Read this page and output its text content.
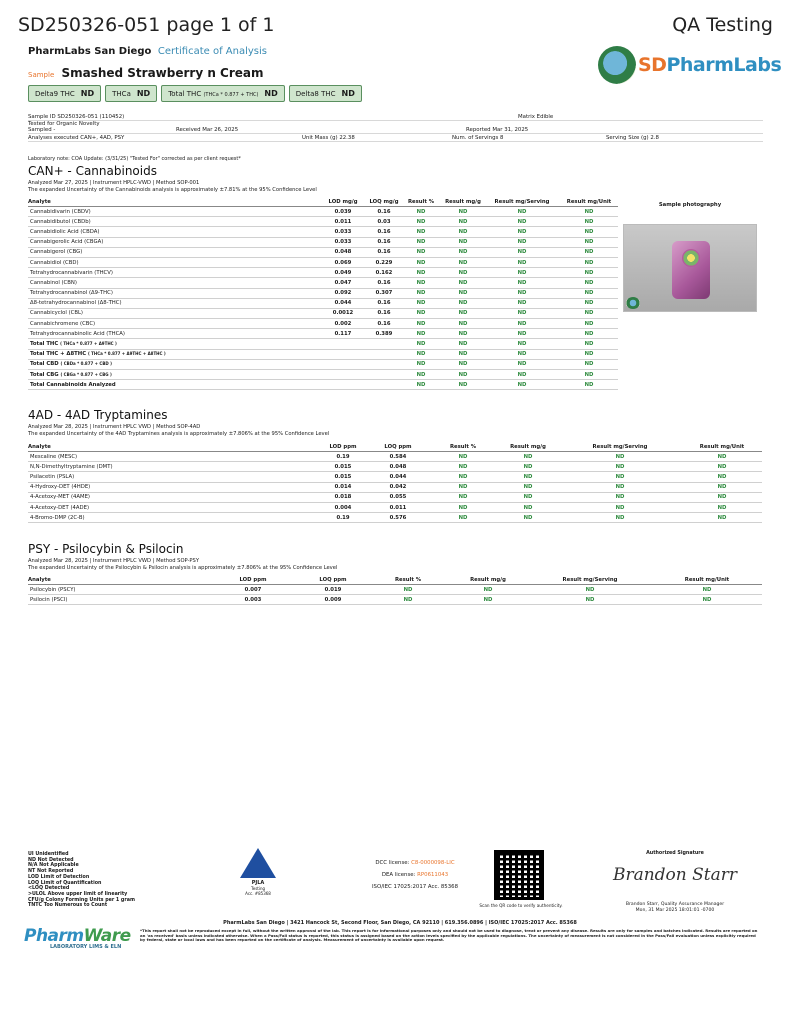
SD250326-051 page 1 of 1	QA Testing
PharmLabs San Diego Certificate of Analysis
Sample Smashed Strawberry n Cream	SDPharmLabs
Delta9 THC ND	THCa ND	Total THC (THCa * 0.877 + THC) ND	Delta8 THC ND
Sample ID SD250326-051 (110452)	Matrix Edible
Tested for Organic Novelty
Sampled -	Received Mar 26, 2025	Reported Mar 31, 2025
Analyses executed CAN+, 4AD, PSY	Unit Mass (g) 22.38	Num. of Servings 8	Serving Size (g) 2.8
Laboratory note: COA Update: (3/31/25) "Tested For" corrected as per client request*
CAN+ - Cannabinoids
Analyzed Mar 27, 2025 | Instrument HPLC-VWD | Method SOP-001
The expanded Uncertainty of the Cannabinoids analysis is approximately ±7.81% at the 95% Confidence Level
Analyte	LOD mg/g	LOQ mg/g	Result %	Result mg/g	Result mg/Serving	Result mg/Unit
Cannabidivarin (CBDV)	0.039	0.16	ND	ND	ND	ND
Cannabidibutol (CBDb)	0.011	0.03	ND	ND	ND	ND
Cannabidiolic Acid (CBDA)	0.033	0.16	ND	ND	ND	ND
Cannabigerolic Acid (CBGA)	0.033	0.16	ND	ND	ND	ND
Cannabigerol (CBG)	0.048	0.16	ND	ND	ND	ND
Cannabidiol (CBD)	0.069	0.229	ND	ND	ND	ND
Tetrahydrocannabivarin (THCV)	0.049	0.162	ND	ND	ND	ND
Cannabinol (CBN)	0.047	0.16	ND	ND	ND	ND
Tetrahydrocannabinol (Δ9-THC)	0.092	0.307	ND	ND	ND	ND
Δ8-tetrahydrocannabinol (Δ8-THC)	0.044	0.16	ND	ND	ND	ND
Cannabicyclol (CBL)	0.0012	0.16	ND	ND	ND	ND
Cannabichromene (CBC)	0.002	0.16	ND	ND	ND	ND
Tetrahydrocannabinolic Acid (THCA)	0.117	0.389	ND	ND	ND	ND
Total THC ( THCa * 0.877 + Δ9THC )			ND	ND	ND	ND
Total THC + Δ8THC ( THCa * 0.877 + Δ9THC + Δ8THC )			ND	ND	ND	ND
Total CBD ( CBDa * 0.877 + CBD )			ND	ND	ND	ND
Total CBG ( CBGa * 0.877 + CBG )			ND	ND	ND	ND
Total Cannabinoids Analyzed			ND	ND	ND	ND
Sample photography
4AD - 4AD Tryptamines
Analyzed Mar 28, 2025 | Instrument HPLC VWD | Method SOP-4AD
The expanded Uncertainty of the 4AD Tryptamines analysis is approximately ±7.806% at the 95% Confidence Level
Analyte	LOD ppm	LOQ ppm	Result %	Result mg/g	Result mg/Serving	Result mg/Unit
Mescaline (MESC)	0.19	0.584	ND	ND	ND	ND
N,N-Dimethyltryptamine (DMT)	0.015	0.048	ND	ND	ND	ND
Psilacetin (PSLA)	0.015	0.044	ND	ND	ND	ND
4-Hydroxy-DET (4HDE)	0.014	0.042	ND	ND	ND	ND
4-Acetoxy-MET (4AME)	0.018	0.055	ND	ND	ND	ND
4-Acetoxy-DET (4ADE)	0.004	0.011	ND	ND	ND	ND
4-Bromo-DMP (2C-B)	0.19	0.576	ND	ND	ND	ND
PSY - Psilocybin & Psilocin
Analyzed Mar 28, 2025 | Instrument HPLC VWD | Method SOP-PSY
The expanded Uncertainty of the Psilocybin & Psilocin analysis is approximately ±7.806% at the 95% Confidence Level
Analyte	LOD ppm	LOQ ppm	Result %	Result mg/g	Result mg/Serving	Result mg/Unit
Psilocybin (PSCY)	0.007	0.019	ND	ND	ND	ND
Psilocin (PSCI)	0.003	0.009	ND	ND	ND	ND
UI Unidentified
ND Not Detected
N/A Not Applicable
NT Not Reported
LOD Limit of Detection
LOQ Limit of Quantification
<LOQ Detected
>ULOL Above upper limit of linearity
CFU/g Colony Forming Units per 1 gram
TNTC Too Numerous to Count
PJLA
Testing
Acc. #85368
DCC license: C8-0000098-LIC
DEA license: RP0611043
ISO/IEC 17025:2017 Acc. 85368
Scan the QR code to verify authenticity.
Authorized Signature
Brandon Starr
Brandon Starr, Quality Assurance Manager
Mon, 31 Mar 2025 18:01:01 -0700
PharmLabs San Diego | 3421 Hancock St, Second Floor, San Diego, CA 92110 | 619.356.0896 | ISO/IEC 17025:2017 Acc. 85368
PharmWare
LABORATORY LIMS & ELN
*This report shall not be reproduced except in full, without the written approval of the lab. This report is for informational purposes only and should not be used to diagnose, treat or prevent any disease. Results are only for samples and batches indicated. Results are reported on an 'as received' basis unless indicated otherwise. When a Pass/Fail status is reported, this status is assigned based on the action levels specified by the applicable regulations. The uncertainty of measurement is not considered in the Pass/Fail evaluation unless explicitly required by federal, state or local laws and has been reported on the certificate of analysis. Measurement of uncertainty is available upon request.
